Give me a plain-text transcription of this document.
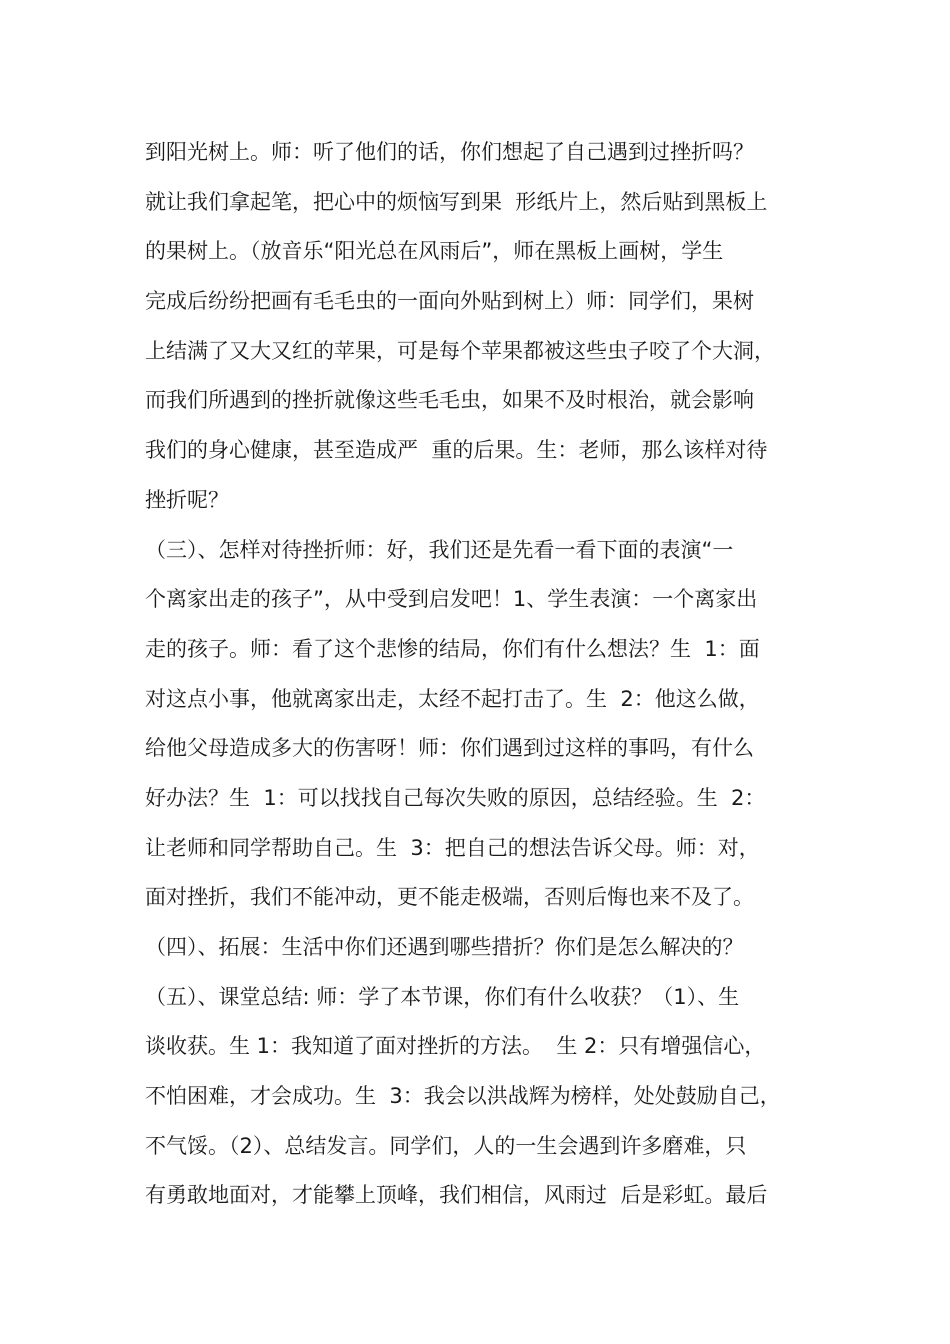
到阳光树上。师：听了他们的话，你们想起了自己遇到过挫折吗？
就让我们拿起笔，把心中的烦恼写到果  形纸片上，然后贴到黑板上
的果树上。（放音乐“阳光总在风雨后”，师在黑板上画树，学生
完成后纷纷把画有毛毛虫的一面向外贴到树上）师：同学们，果树
上结满了又大又红的苹果，可是每个苹果都被这些虫子咬了个大洞，
而我们所遇到的挫折就像这些毛毛虫，如果不及时根治，就会影响
我们的身心健康，甚至造成严  重的后果。生：老师，那么该样对待
挫折呢？
（三）、怎样对待挫折师：好，我们还是先看一看下面的表演“一
个离家出走的孩子”，从中受到启发吧！1、学生表演：一个离家出
走的孩子。师：看了这个悲惨的结局，你们有什么想法？生  1：面
对这点小事，他就离家出走，太经不起打击了。生  2：他这么做，
给他父母造成多大的伤害呀！师：你们遇到过这样的事吗，有什么
好办法？生  1：可以找找自己每次失败的原因，总结经验。生  2：
让老师和同学帮助自己。生  3：把自己的想法告诉父母。师：对，
面对挫折，我们不能冲动，更不能走极端，否则后悔也来不及了。
（四）、拓展：生活中你们还遇到哪些措折？你们是怎么解决的？
（五）、课堂总结: 师：学了本节课，你们有什么收获？（1）、生
谈收获。生 1：我知道了面对挫折的方法。  生 2：只有增强信心，
不怕困难，才会成功。生  3：我会以洪战辉为榜样，处处鼓励自己，
不气馁。（2）、总结发言。同学们，人的一生会遇到许多磨难，只
有勇敢地面对，才能攀上顶峰，我们相信，风雨过  后是彩虹。最后
